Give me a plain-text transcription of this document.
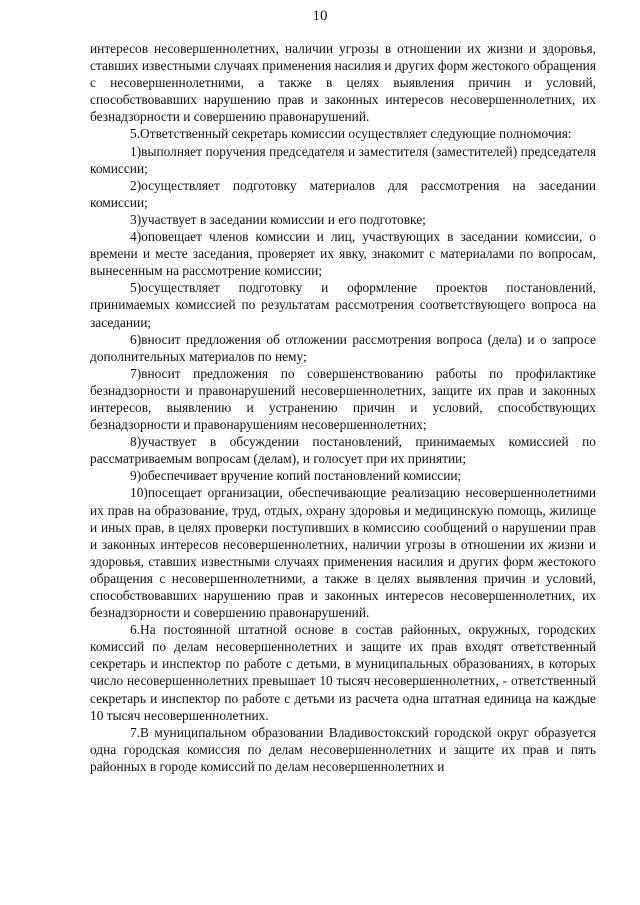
10

интересов несовершеннолетних, наличии угрозы в отношении их жизни и здоровья, ставших известными случаях применения насилия и других форм жестокого обращения с несовершеннолетними, а также в целях выявления причин и условий, способствовавших нарушению прав и законных интересов несовершеннолетних, их безнадзорности и совершению правонарушений.

5.Ответственный секретарь комиссии осуществляет следующие полномочия:

1)выполняет поручения председателя и заместителя (заместителей) председателя комиссии;

2)осуществляет подготовку материалов для рассмотрения на заседании комиссии;

3)участвует в заседании комиссии и его подготовке;

4)оповещает членов комиссии и лиц, участвующих в заседании комиссии, о времени и месте заседания, проверяет их явку, знакомит с материалами по вопросам, вынесенным на рассмотрение комиссии;

5)осуществляет подготовку и оформление проектов постановлений, принимаемых комиссией по результатам рассмотрения соответствующего вопроса на заседании;

6)вносит предложения об отложении рассмотрения вопроса (дела) и о запросе дополнительных материалов по нему;

7)вносит предложения по совершенствованию работы по профилактике безнадзорности и правонарушений несовершеннолетних, защите их прав и законных интересов, выявлению и устранению причин и условий, способствующих безнадзорности и правонарушениям несовершеннолетних;

8)участвует в обсуждении постановлений, принимаемых комиссией по рассматриваемым вопросам (делам), и голосует при их принятии;

9)обеспечивает вручение копий постановлений комиссии;

10)посещает организации, обеспечивающие реализацию несовершеннолетними их прав на образование, труд, отдых, охрану здоровья и медицинскую помощь, жилище и иных прав, в целях проверки поступивших в комиссию сообщений о нарушении прав и законных интересов несовершеннолетних, наличии угрозы в отношении их жизни и здоровья, ставших известными случаях применения насилия и других форм жестокого обращения с несовершеннолетними, а также в целях выявления причин и условий, способствовавших нарушению прав и законных интересов несовершеннолетних, их безнадзорности и совершению правонарушений.

6.На постоянной штатной основе в состав районных, окружных, городских комиссий по делам несовершеннолетних и защите их прав входят ответственный секретарь и инспектор по работе с детьми, в муниципальных образованиях, в которых число несовершеннолетних превышает 10 тысяч несовершеннолетних, - ответственный секретарь и инспектор по работе с детьми из расчета одна штатная единица на каждые 10 тысяч несовершеннолетних.

7.В муниципальном образовании Владивостокский городской округ образуется одна городская комиссия по делам несовершеннолетних и защите их прав и пять районных в городе комиссий по делам несовершеннолетних и
